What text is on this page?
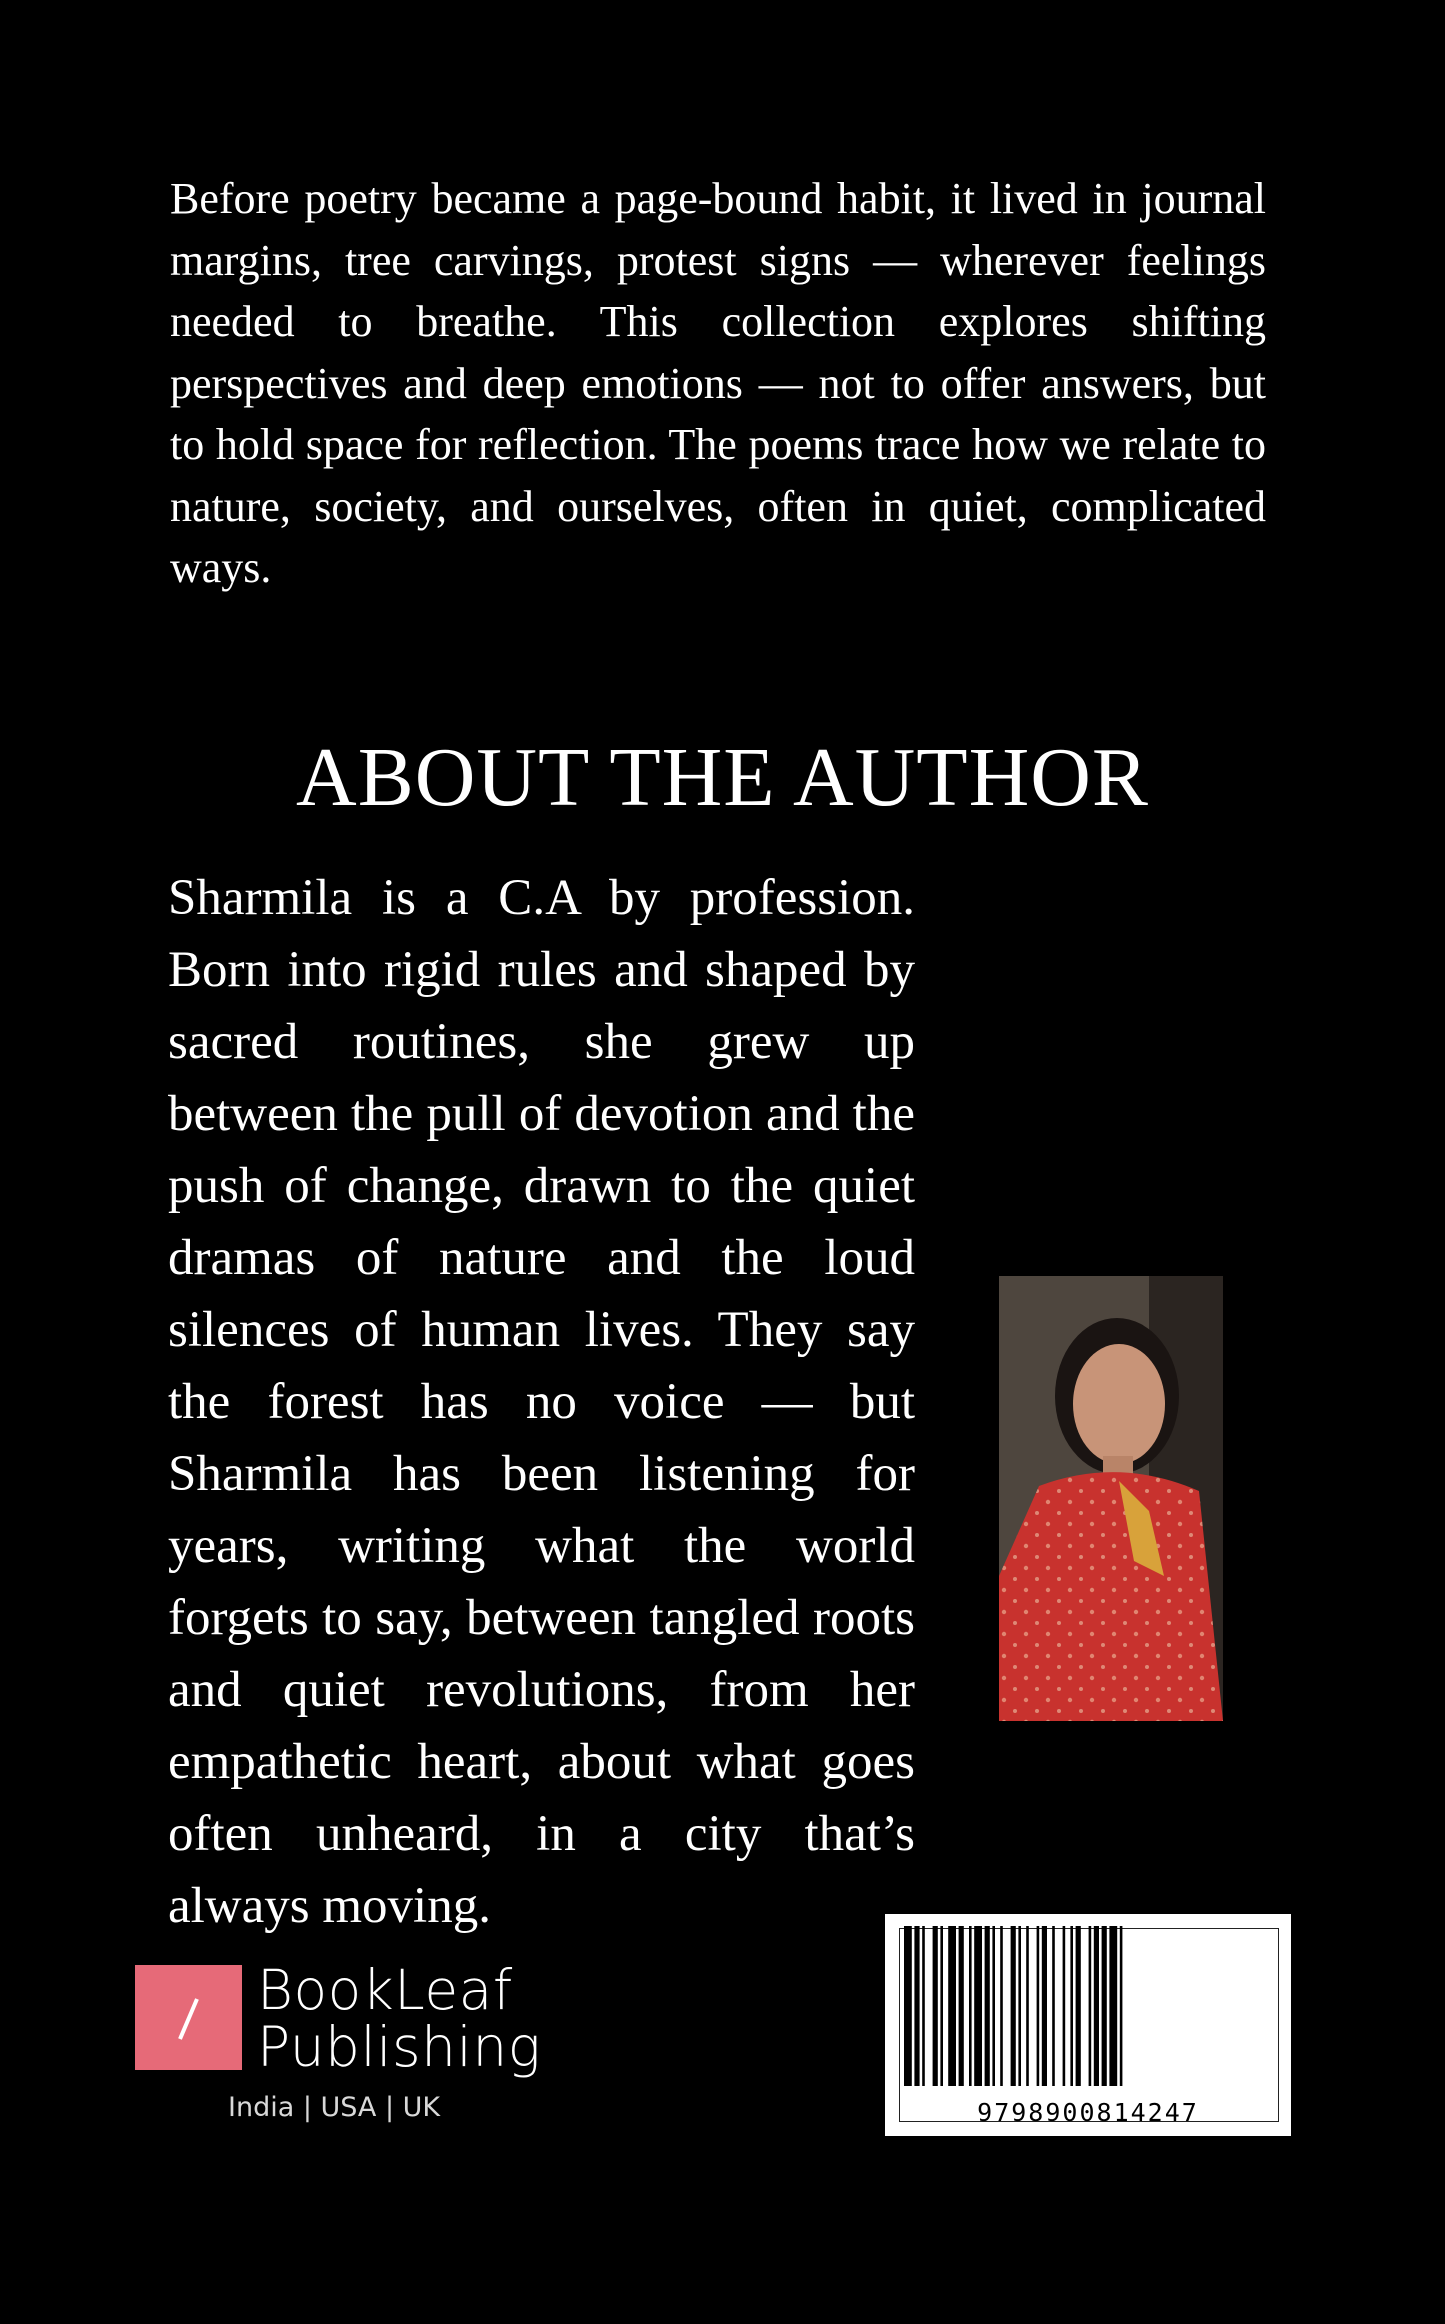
Before poetry became a page-bound habit, it lived in journal margins, tree carvings, protest signs — wherever feelings needed to breathe. This collection explores shifting perspectives and deep emotions — not to offer answers, but to hold space for reflection. The poems trace how we relate to nature, society, and ourselves, often in quiet, complicated ways.

ABOUT THE AUTHOR

Sharmila is a C.A by profession. Born into rigid rules and shaped by sacred routines, she grew up between the pull of devotion and the push of change, drawn to the quiet dramas of nature and the loud silences of human lives. They say the forest has no voice — but Sharmila has been listening for years, writing what the world forgets to say, between tangled roots and quiet revolutions, from her empathetic heart, about what goes often unheard, in a city that’s always moving.

BookLeaf
Publishing
India | USA | UK	9798900814247
